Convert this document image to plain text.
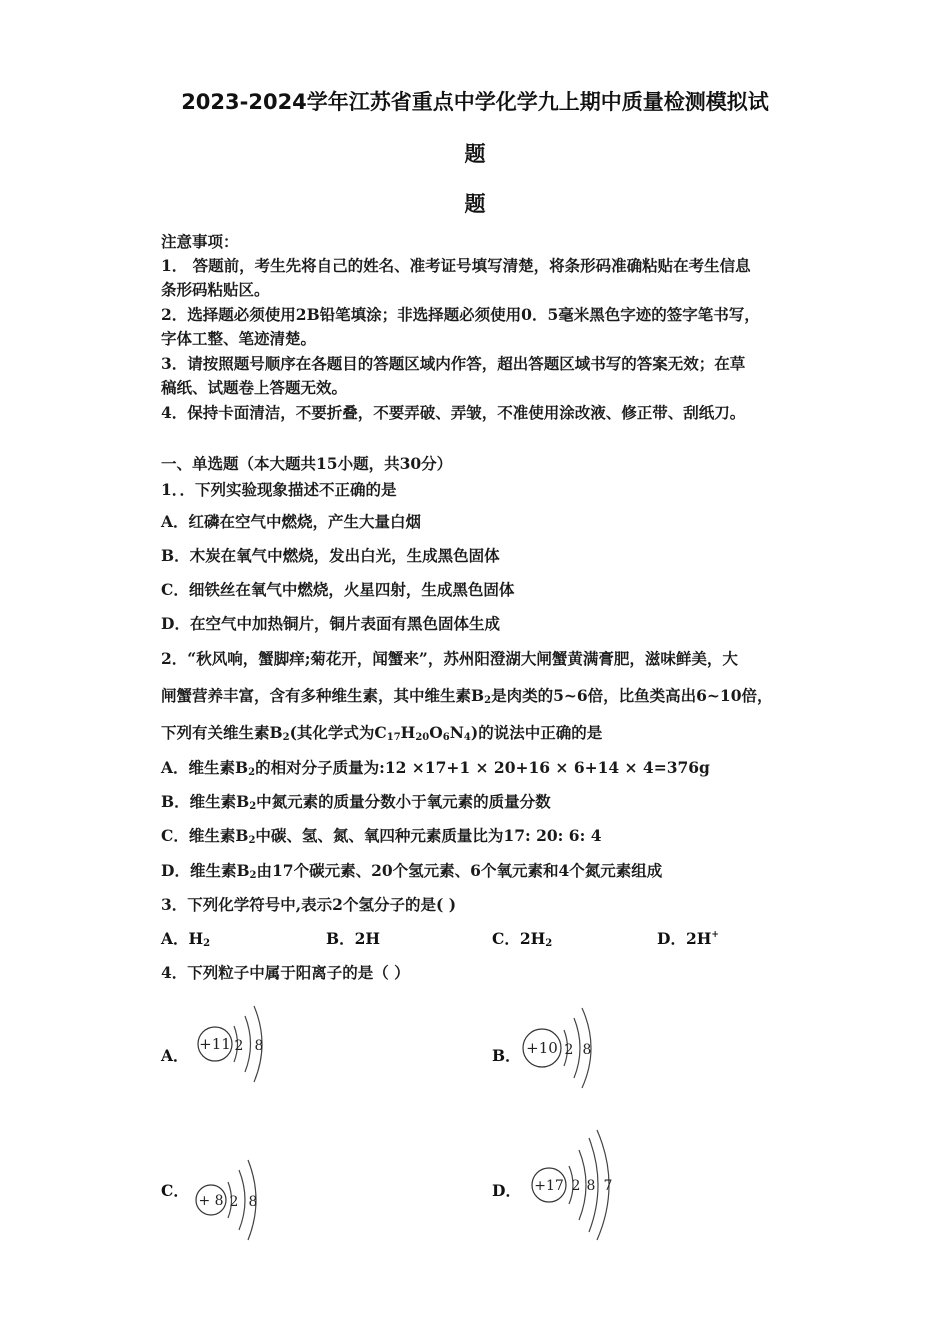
2023-2024学年江苏省重点中学化学九上期中质量检测模拟试
题
题
注意事项：
1． 答题前，考生先将自己的姓名、准考证号填写清楚，将条形码准确粘贴在考生信息
条形码粘贴区。
2．选择题必须使用2B铅笔填涂；非选择题必须使用0．5毫米黑色字迹的签字笔书写，
字体工整、笔迹清楚。
3．请按照题号顺序在各题目的答题区域内作答，超出答题区域书写的答案无效；在草
稿纸、试题卷上答题无效。
4．保持卡面清洁，不要折叠，不要弄破、弄皱，不准使用涂改液、修正带、刮纸刀。
一、单选题（本大题共15小题，共30分）
1．．下列实验现象描述不正确的是
A．红磷在空气中燃烧，产生大量白烟
B．木炭在氧气中燃烧，发出白光，生成黑色固体
C．细铁丝在氧气中燃烧，火星四射，生成黑色固体
D．在空气中加热铜片，铜片表面有黑色固体生成
2．“秋风响，蟹脚痒;菊花开，闻蟹来”，苏州阳澄湖大闸蟹黄满膏肥，滋味鲜美，大
闸蟹营养丰富，含有多种维生素，其中维生素$B_2$是肉类的5~6倍，比鱼类高出6~10倍，
下列有关维生素$B_2$(其化学式为$C_{17}H_{20}O_6N_4$)的说法中正确的是
A．维生素$B_2$的相对分子质量为:12 ×17+1 × 20+16 × 6+14 × 4=376g
B．维生素$B_2$中氮元素的质量分数小于氧元素的质量分数
C．维生素$B_2$中碳、氢、氮、氧四种元素质量比为17: 20: 6: 4
D．维生素$B_2$由17个碳元素、20个氢元素、6个氧元素和4个氮元素组成
3．下列化学符号中,表示2个氢分子的是( )
A．$H_2$	B．2H	C．$2H_2$	D．2H+
4．下列粒子中属于阳离子的是（ ）
A．	B．
C．	D．
+11 2 8	+10 2 8
+ 8 2 8
+17 2 8 7
